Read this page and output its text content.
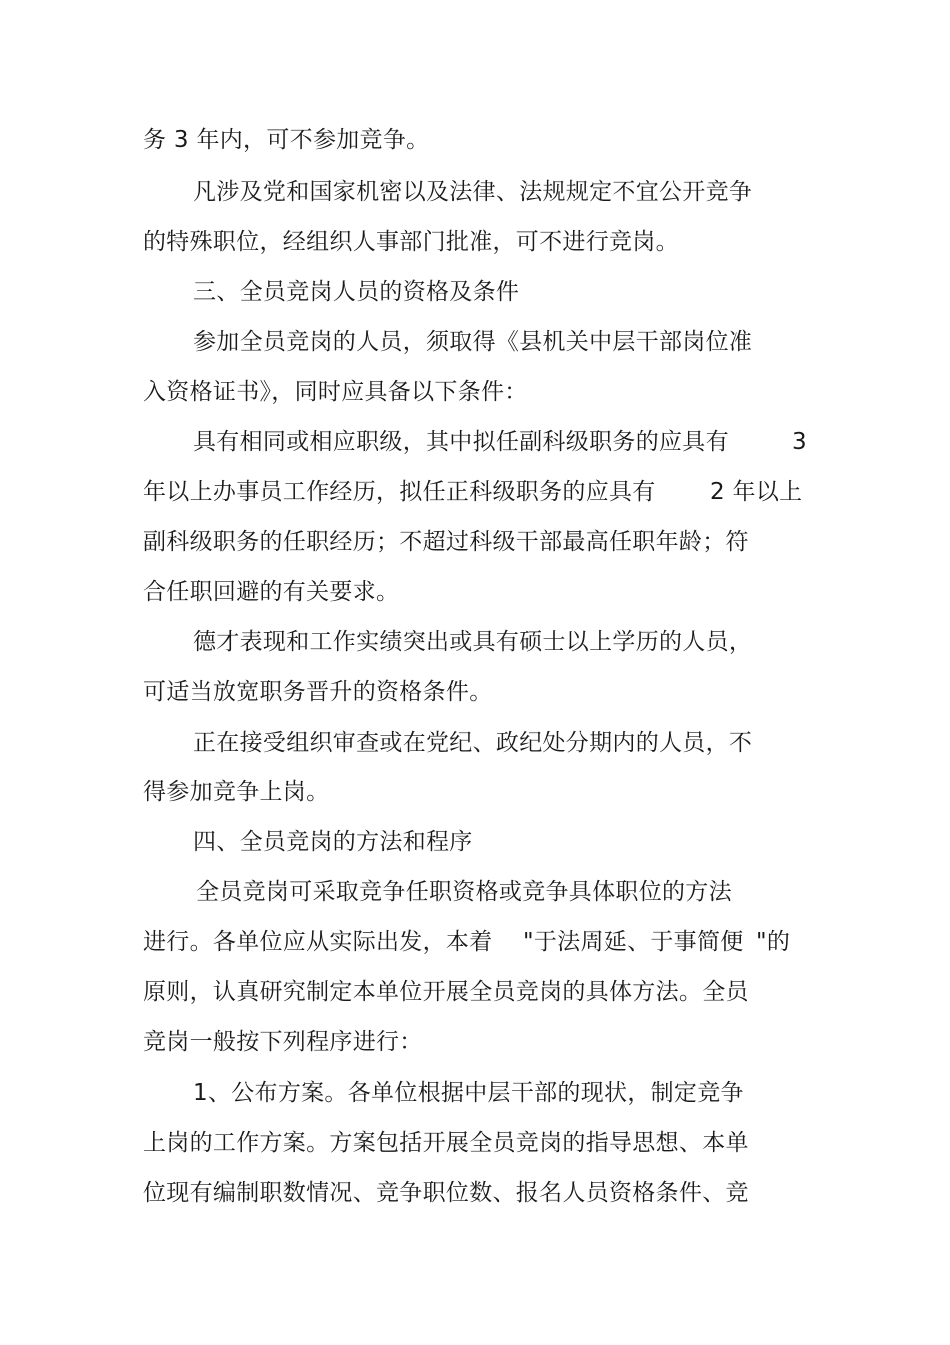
务 3 年内，可不参加竞争。
凡涉及党和国家机密以及法律、法规规定不宜公开竞争
的特殊职位，经组织人事部门批准，可不进行竞岗。
三、全员竞岗人员的资格及条件
参加全员竞岗的人员，须取得《县机关中层干部岗位准
入资格证书》，同时应具备以下条件：
具有相同或相应职级，其中拟任副科级职务的应具有	3
年以上办事员工作经历，拟任正科级职务的应具有 2 年以上
副科级职务的任职经历；不超过科级干部最高任职年龄；符
合任职回避的有关要求。
德才表现和工作实绩突出或具有硕士以上学历的人员，
可适当放宽职务晋升的资格条件。
正在接受组织审查或在党纪、政纪处分期内的人员，不
得参加竞争上岗。
四、全员竞岗的方法和程序
全员竞岗可采取竞争任职资格或竞争具体职位的方法
进行。各单位应从实际出发，本着 "于法周延、于事简便 "的
原则，认真研究制定本单位开展全员竞岗的具体方法。全员
竞岗一般按下列程序进行：
1、公布方案。各单位根据中层干部的现状，制定竞争
上岗的工作方案。方案包括开展全员竞岗的指导思想、本单
位现有编制职数情况、竞争职位数、报名人员资格条件、竞
